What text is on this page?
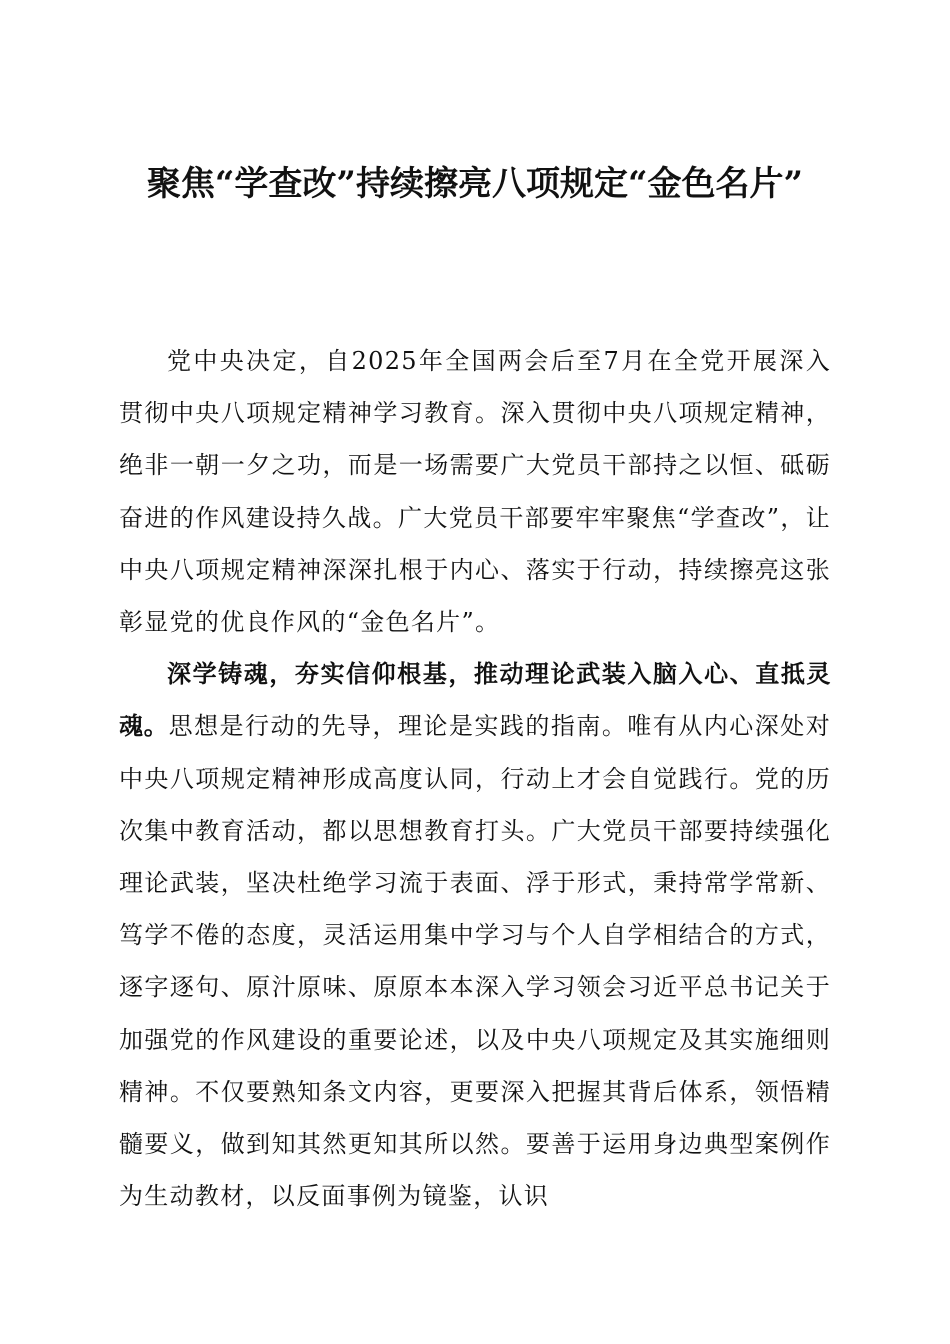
聚焦“学查改”持续擦亮八项规定“金色名片”

党中央决定，自2025年全国两会后至7月在全党开展深入贯彻中央八项规定精神学习教育。深入贯彻中央八项规定精神，绝非一朝一夕之功，而是一场需要广大党员干部持之以恒、砥砺奋进的作风建设持久战。广大党员干部要牢牢聚焦“学查改”，让中央八项规定精神深深扎根于内心、落实于行动，持续擦亮这张彰显党的优良作风的“金色名片”。

深学铸魂，夯实信仰根基，推动理论武装入脑入心、直抵灵魂。思想是行动的先导，理论是实践的指南。唯有从内心深处对中央八项规定精神形成高度认同，行动上才会自觉践行。党的历次集中教育活动，都以思想教育打头。广大党员干部要持续强化理论武装，坚决杜绝学习流于表面、浮于形式，秉持常学常新、笃学不倦的态度，灵活运用集中学习与个人自学相结合的方式，逐字逐句、原汁原味、原原本本深入学习领会习近平总书记关于加强党的作风建设的重要论述，以及中央八项规定及其实施细则精神。不仅要熟知条文内容，更要深入把握其背后体系，领悟精髓要义，做到知其然更知其所以然。要善于运用身边典型案例作为生动教材，以反面事例为镜鉴，认识
